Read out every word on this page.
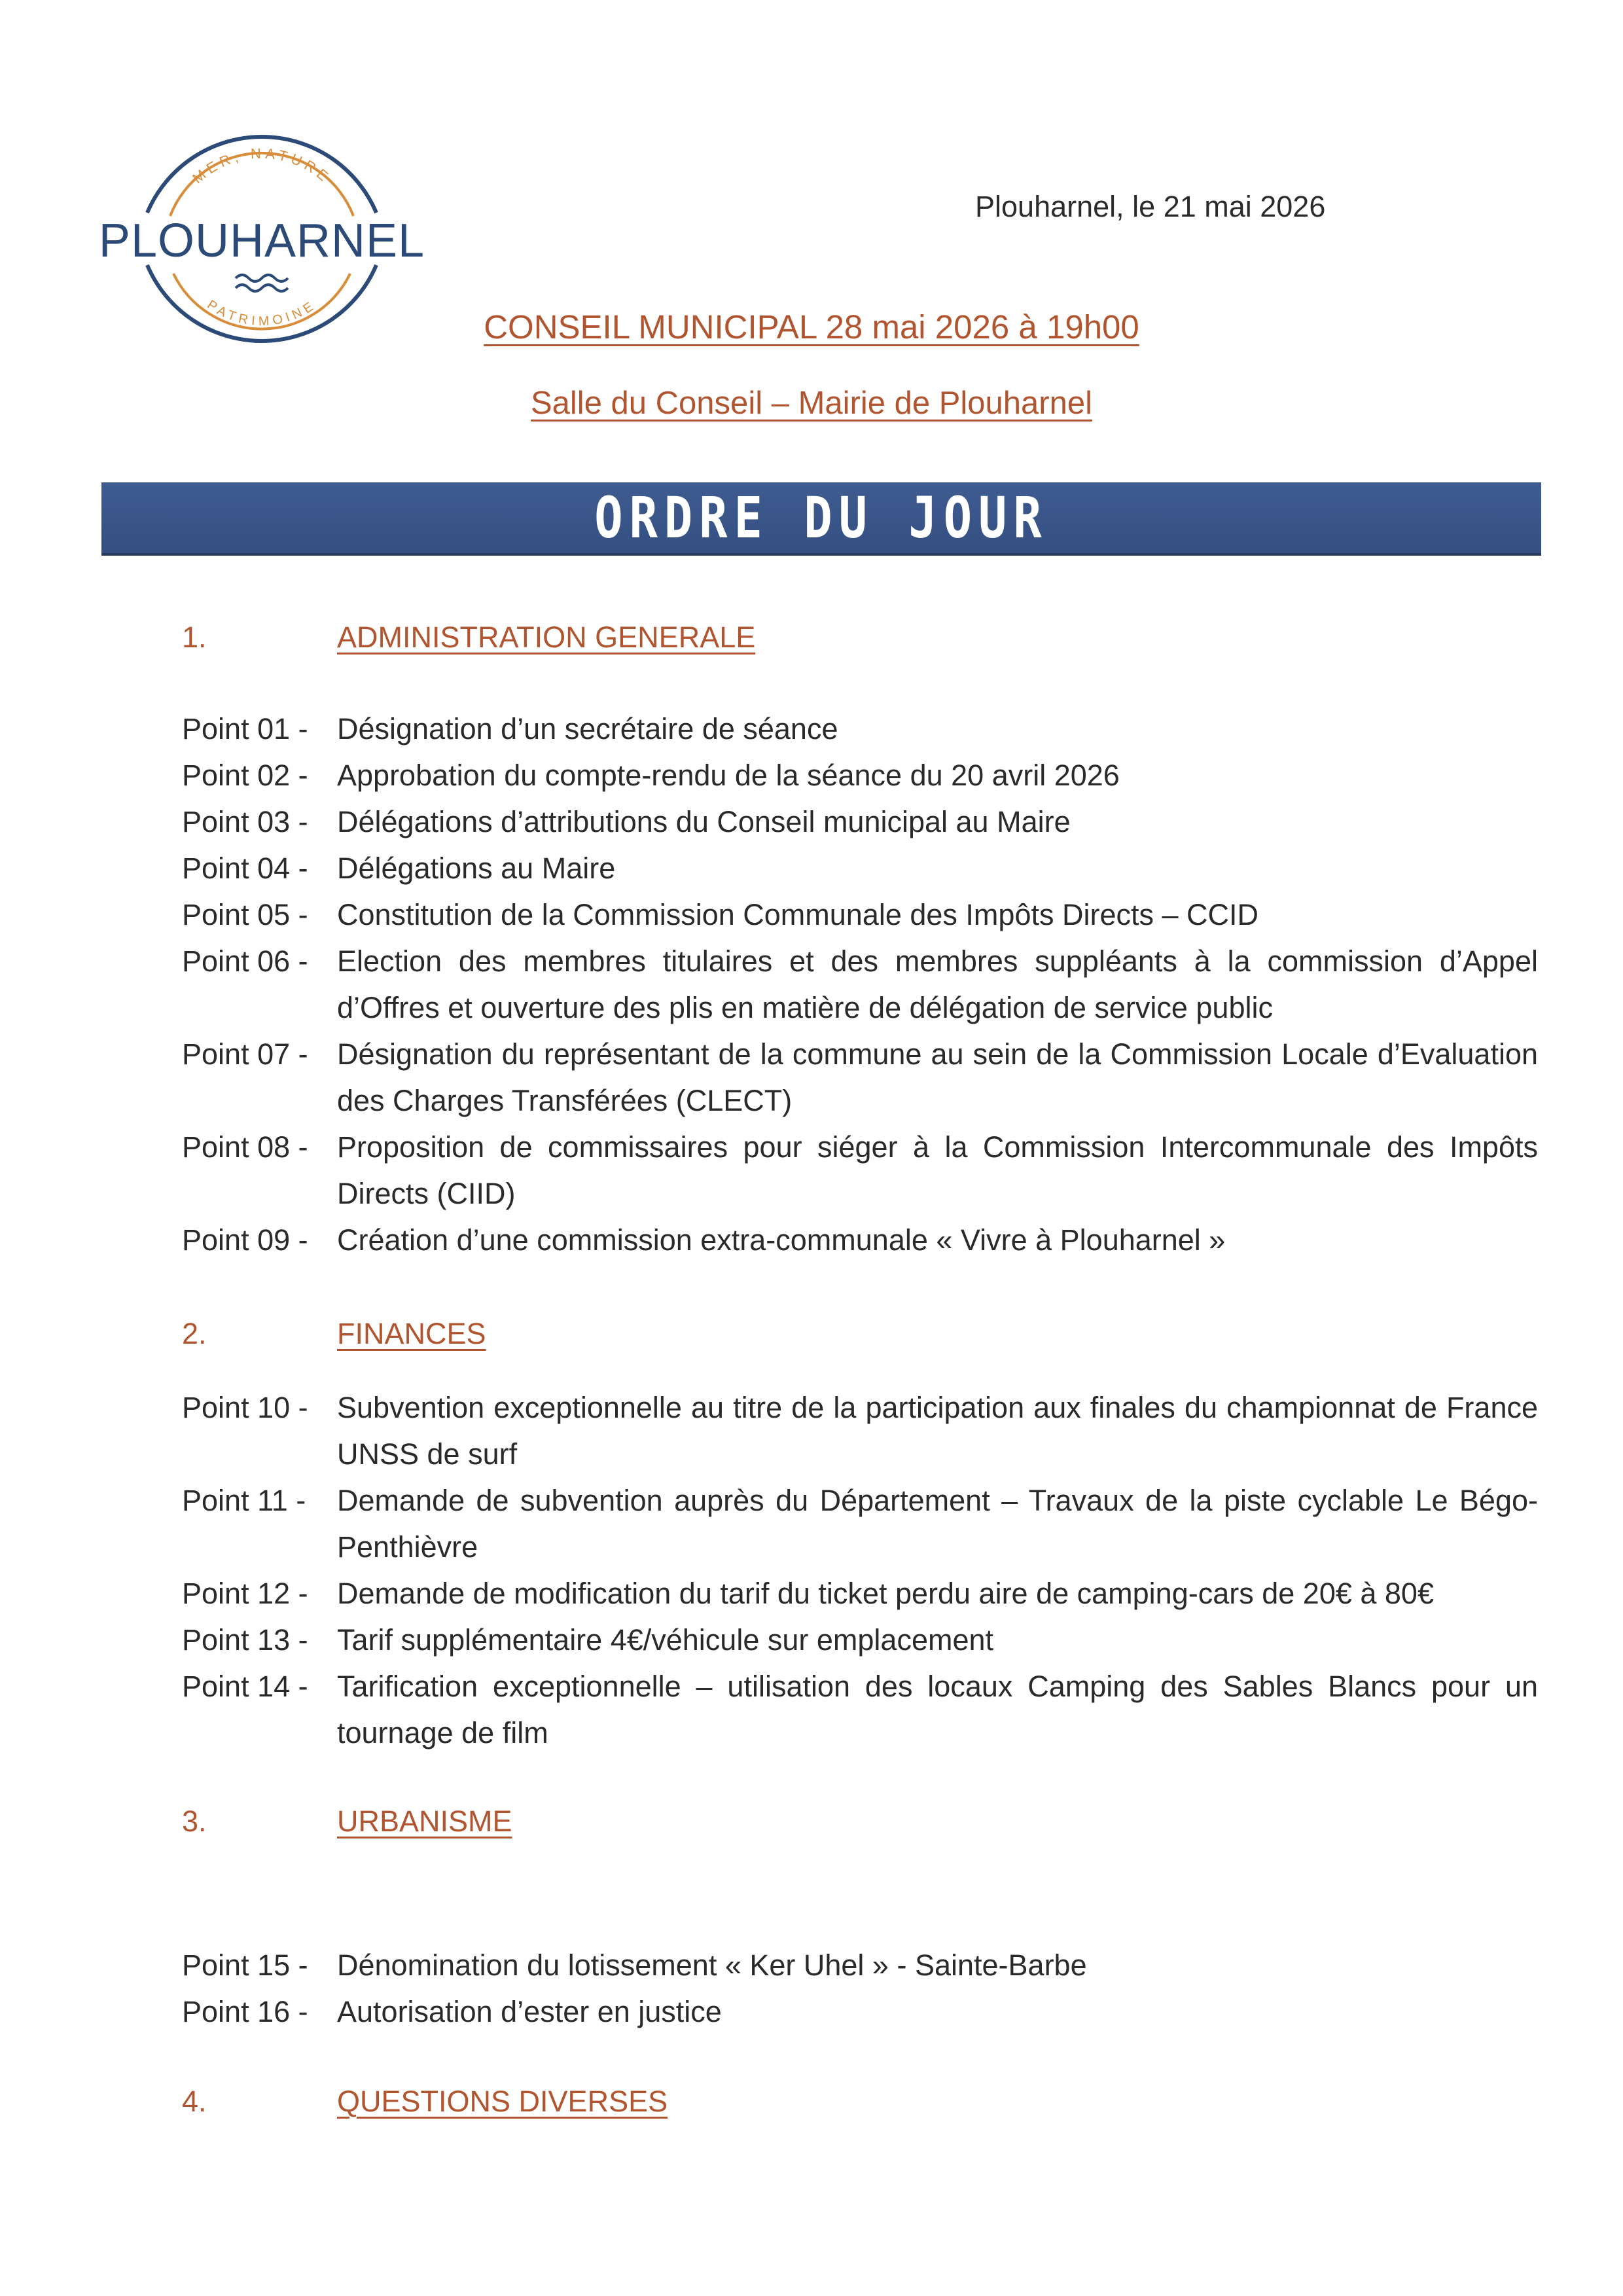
MER, NATURE
PATRIMOINE
PLOUHARNEL
Plouharnel, le 21 mai 2026
CONSEIL MUNICIPAL 28 mai 2026 à 19h00
Salle du Conseil – Mairie de Plouharnel
ORDRE DU JOUR
1.	ADMINISTRATION GENERALE
Point 01 - Désignation d’un secrétaire de séance
Point 02 - Approbation du compte-rendu de la séance du 20 avril 2026
Point 03 - Délégations d’attributions du Conseil municipal au Maire
Point 04 - Délégations au Maire
Point 05 - Constitution de la Commission Communale des Impôts Directs – CCID
Point 06 - Election des membres titulaires et des membres suppléants à la commission d’Appel d’Offres et ouverture des plis en matière de délégation de service public
Point 07 - Désignation du représentant de la commune au sein de la Commission Locale d’Evaluation des Charges Transférées (CLECT)
Point 08 - Proposition de commissaires pour siéger à la Commission Intercommunale des Impôts Directs (CIID)
Point 09 - Création d’une commission extra-communale « Vivre à Plouharnel »
2.	FINANCES
Point 10 - Subvention exceptionnelle au titre de la participation aux finales du championnat de France UNSS de surf
Point 11 -	Demande de subvention auprès du Département – Travaux de la piste cyclable Le Bégo-Penthièvre
Point 12 - Demande de modification du tarif du ticket perdu aire de camping-cars de 20€ à 80€
Point 13 - Tarif supplémentaire 4€/véhicule sur emplacement
Point 14 - Tarification exceptionnelle – utilisation des locaux Camping des Sables Blancs pour un tournage de film
3.	URBANISME
Point 15 - Dénomination du lotissement « Ker Uhel » - Sainte-Barbe
Point 16 - Autorisation d’ester en justice
4.	QUESTIONS DIVERSES
